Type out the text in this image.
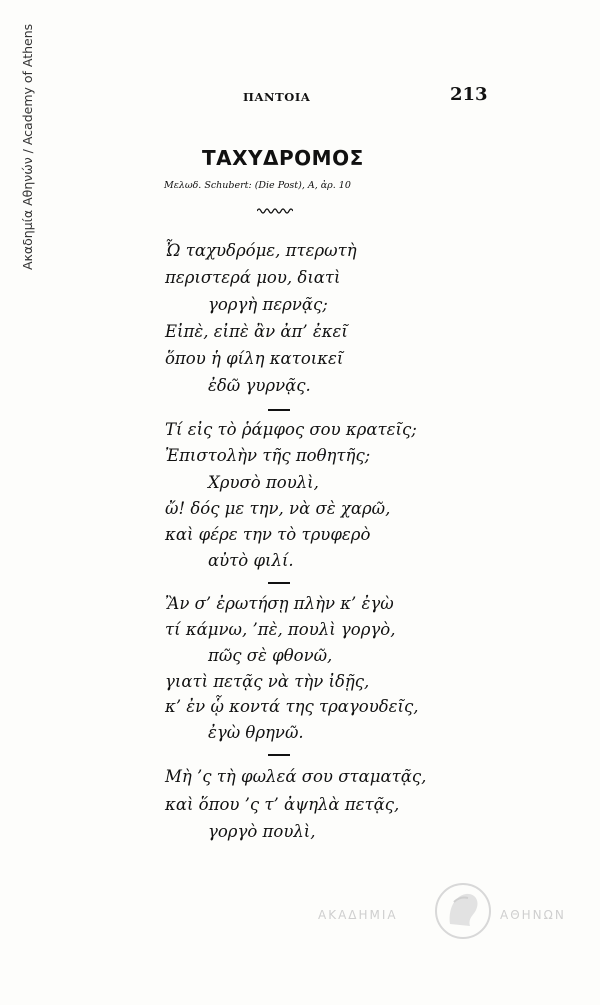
Ακαδημία Αθηνών / Academy of Athens	ΠΑΝΤΟΙΑ	213
ΤΑΧΥΔΡΟΜΟΣ
Μελωδ. Schubert: (Die Post), Α, ἀρ. 10
Ὦ ταχυδρόμε, πτερωτὴ
περιστερά μου, διατὶ
γοργὴ περνᾷς;
Εἰπὲ, εἰπὲ ἂν ἀπ’ ἐκεῖ
ὅπου ἡ φίλη κατοικεῖ
ἐδῶ γυρνᾷς.
Τί εἰς τὸ ῥάμφος σου κρατεῖς;
Ἐπιστολὴν τῆς ποθητῆς;
Χρυσὸ πουλὶ,
ὤ! δός με την, νὰ σὲ χαρῶ,
καὶ φέρε την τὸ τρυφερὸ
αὐτὸ φιλί.
Ἂν σ’ ἐρωτήσῃ πλὴν κ’ ἐγὼ
τί κάμνω, ’πὲ, πουλὶ γοργὸ,
πῶς σὲ φθονῶ,
γιατὶ πετᾷς νὰ τὴν ἰδῇς,
κ’ ἐν ᾧ κοντά της τραγουδεῖς,
ἐγὼ θρηνῶ.
Μὴ ’ς τὴ φωλεά σου σταματᾷς,
καὶ ὅπου ’ς τ’ ἀψηλὰ πετᾷς,
γοργὸ πουλὶ,
ΑΚΑΔΗΜΙΑ	ΑΘΗΝΩΝ
